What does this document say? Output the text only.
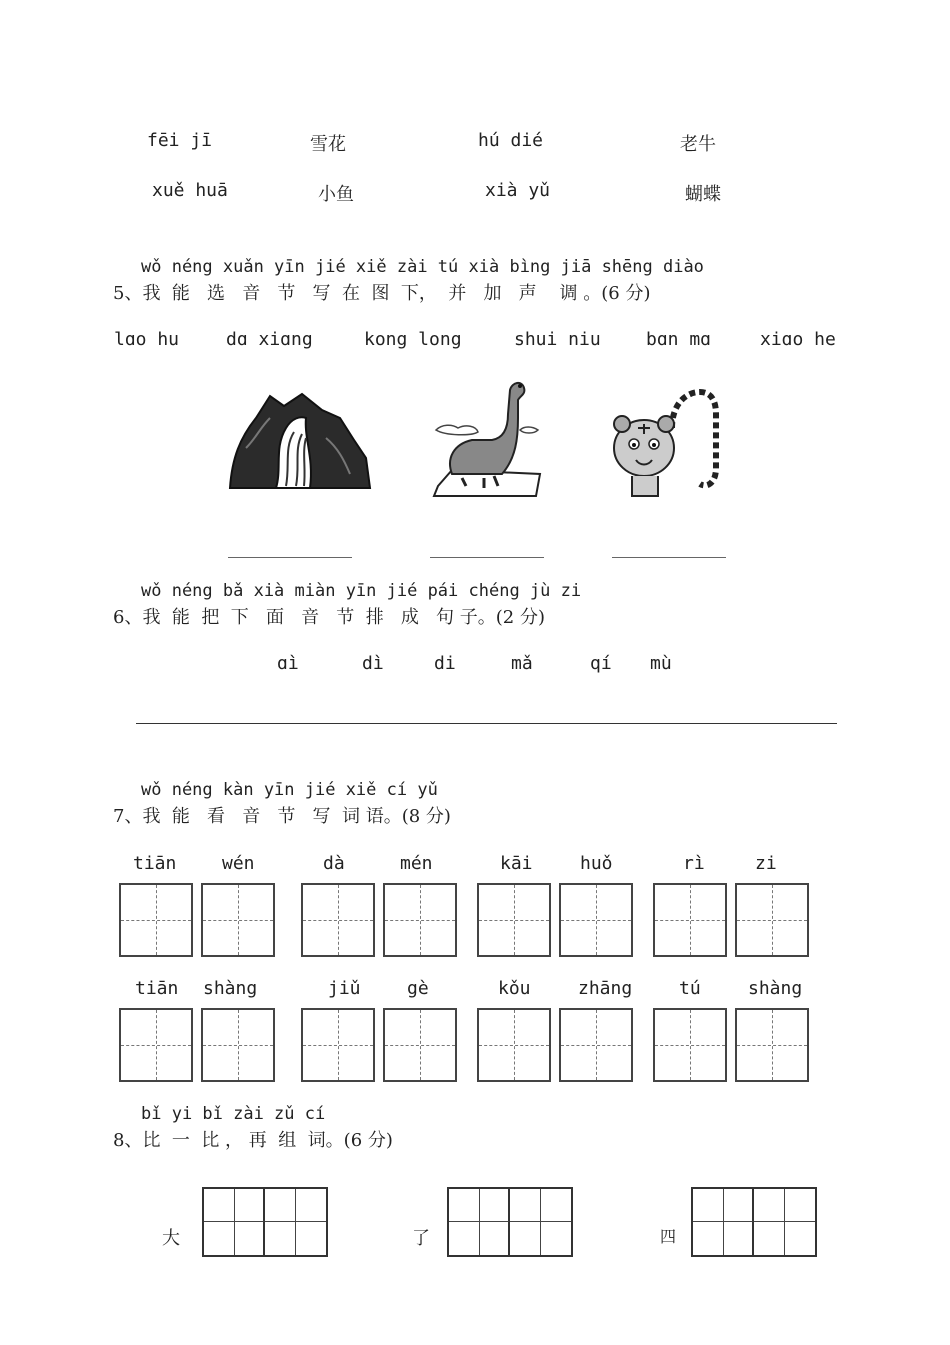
fēi jī	雪花	hú dié	老牛
xuě huā	小鱼	xià yǔ	蝴蝶
wǒ néng xuǎn yīn jié xiě zài tú xià bìng jiā shēng diào
5、我  能   选   音   节   写  在  图  下，  并   加   声    调 。(6 分)
lɑo hu	dɑ xiɑng	kong long	shui niu	bɑn mɑ	xiɑo he
wǒ néng bǎ xià miàn yīn jié pái chéng jù zi
6、我  能  把  下   面   音   节  排   成   句 子。(2 分)
ɑì	dì	di	mǎ	qí mù
wǒ néng kàn yīn jié xiě cí yǔ
7、我  能   看   音   节   写  词 语。(8 分)
tiān	wén	dà	mén	kāi	huǒ	rì	zi
tiān shàng	jiǔ	gè	kǒu	zhāng	tú	shàng
bǐ yi bǐ zài zǔ cí
8、比  一  比 ， 再  组  词。(6 分)
大	了	四
